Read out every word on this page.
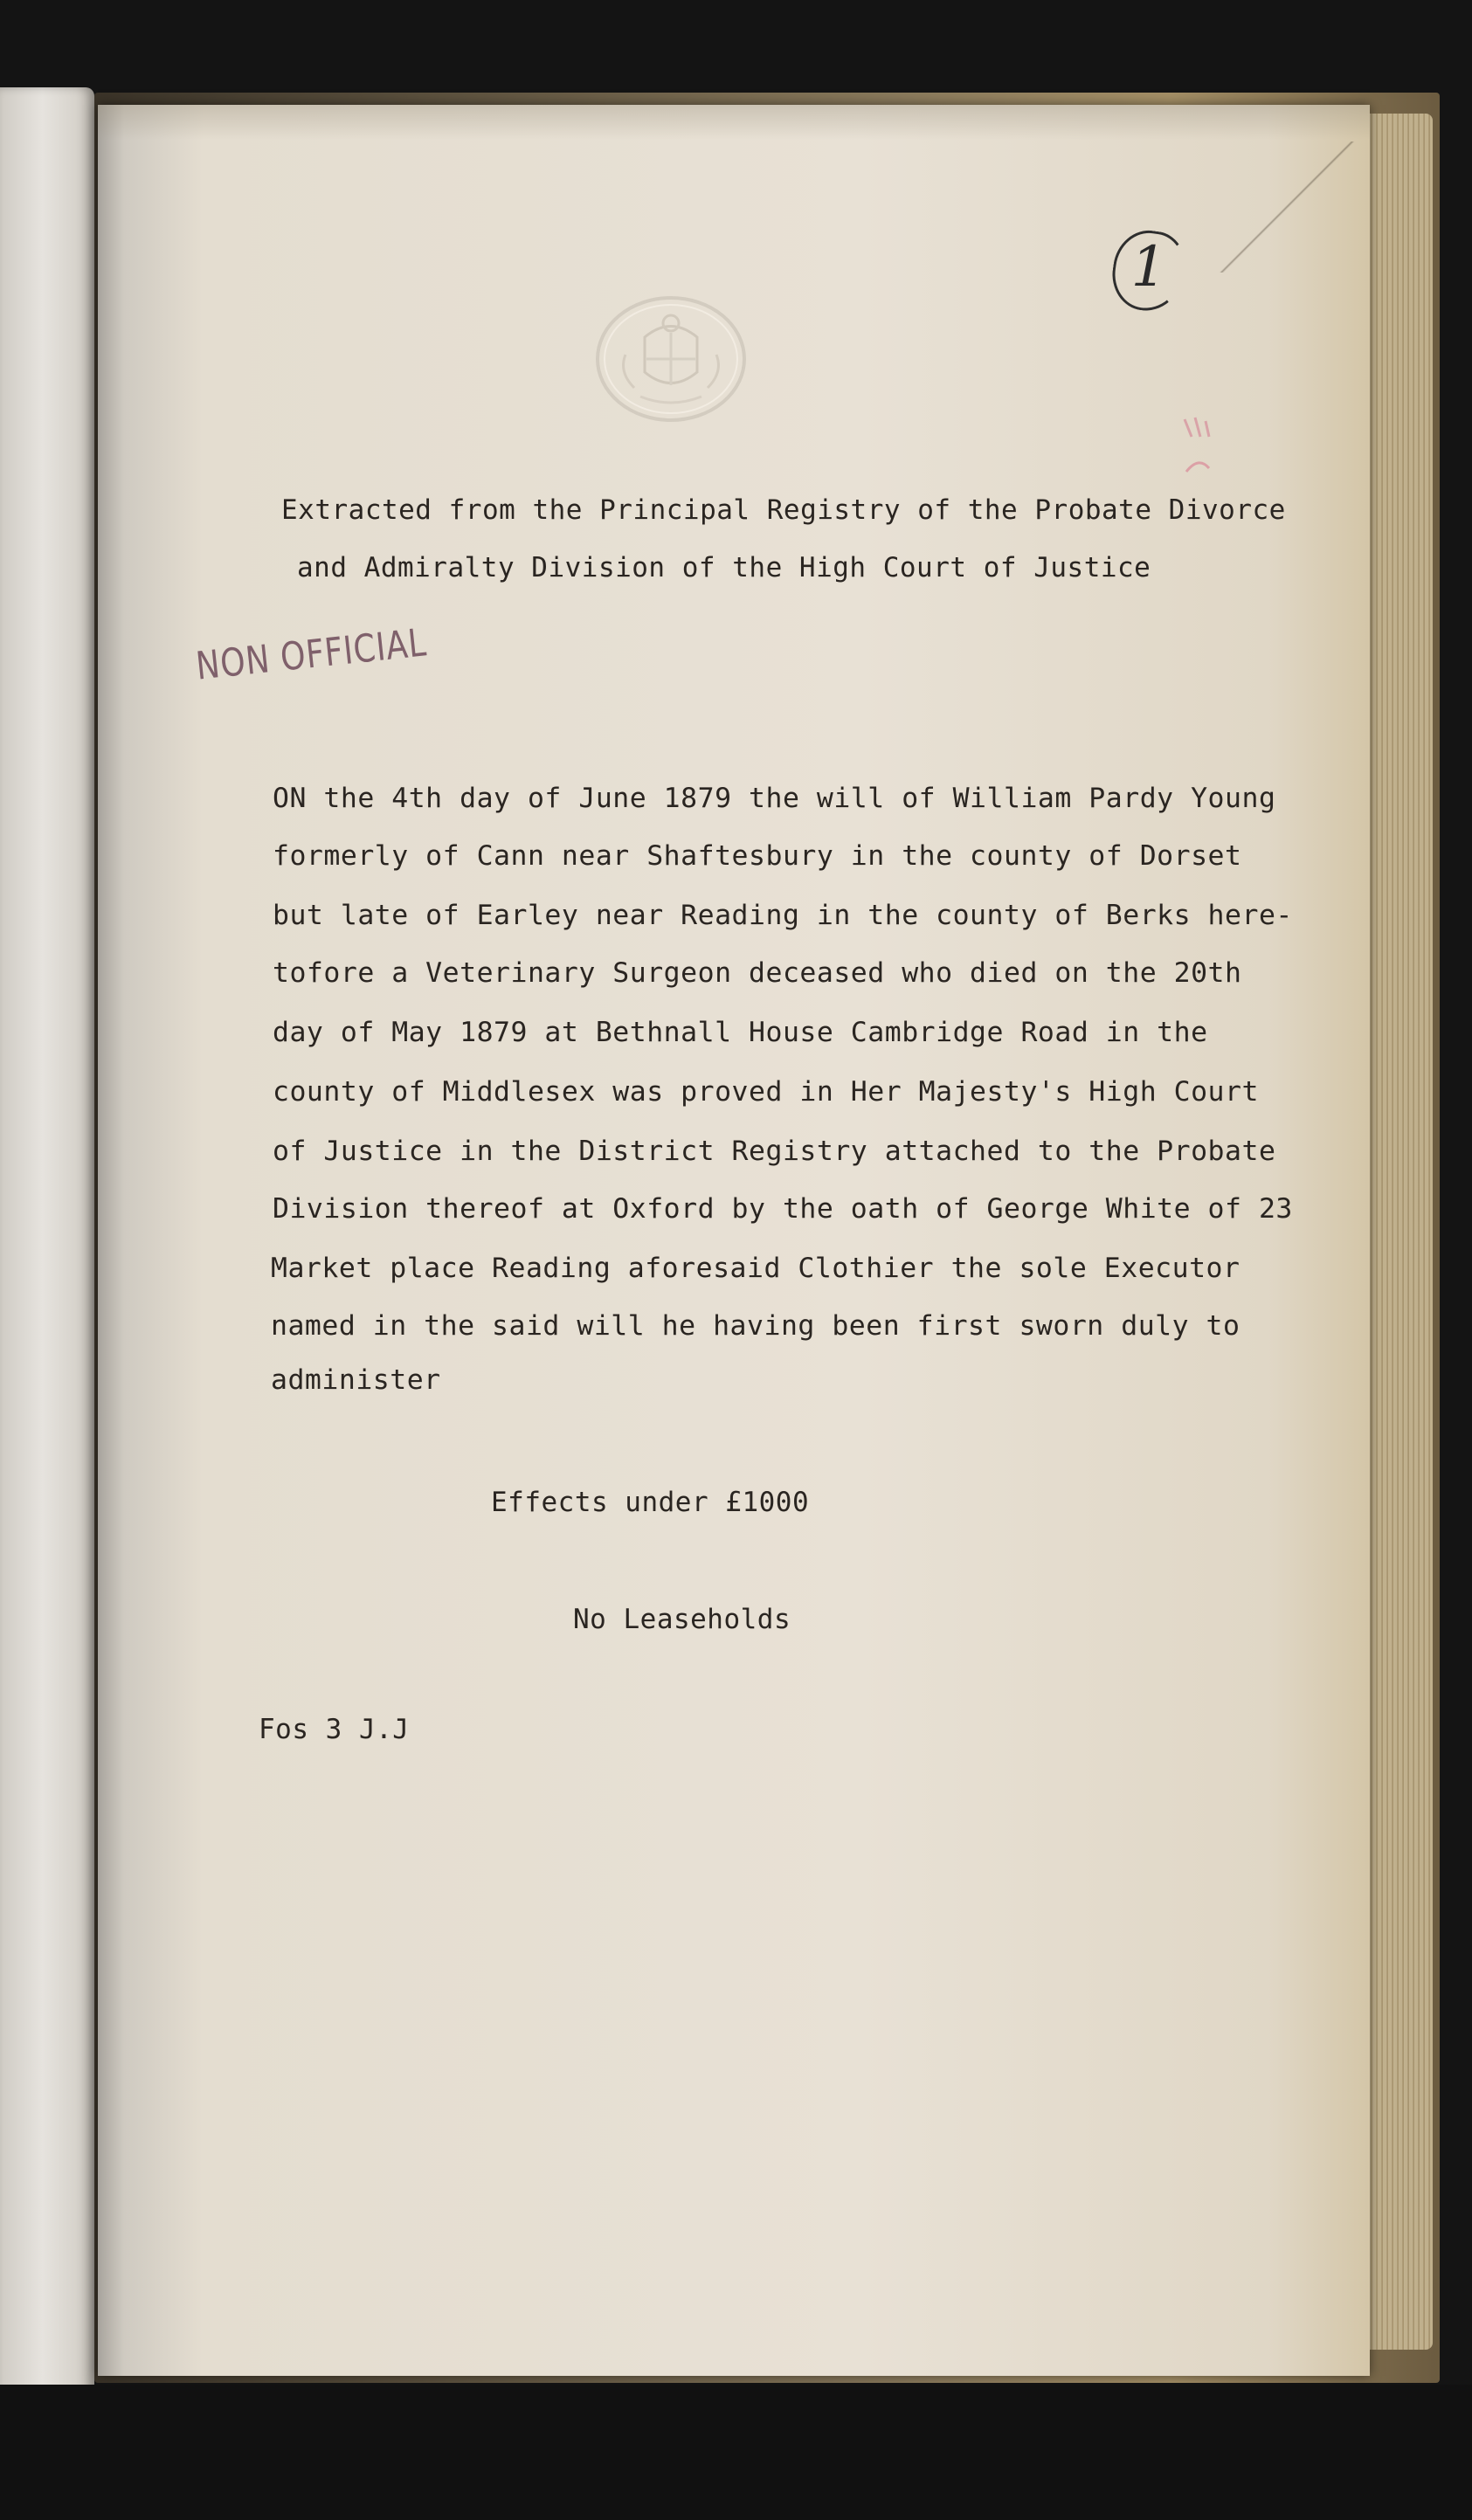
1
Extracted from the Principal Registry of the Probate Divorce
and Admiralty Division of the High Court of Justice
NON OFFICIAL
ON the 4th day of June 1879 the will of William Pardy Young
formerly of Cann near Shaftesbury in the county of Dorset
but late of Earley near Reading in the county of Berks here-
tofore a Veterinary Surgeon deceased who died on the 20th
day of May 1879 at Bethnall House Cambridge Road in the
county of Middlesex was proved in Her Majesty's High Court
of Justice in the District Registry attached to the Probate
Division thereof at Oxford by the oath of George White of 23
Market place Reading aforesaid Clothier the sole Executor
named in the said will he having been first sworn duly to
administer
Effects under £1000
No Leaseholds
Fos 3 J.J
